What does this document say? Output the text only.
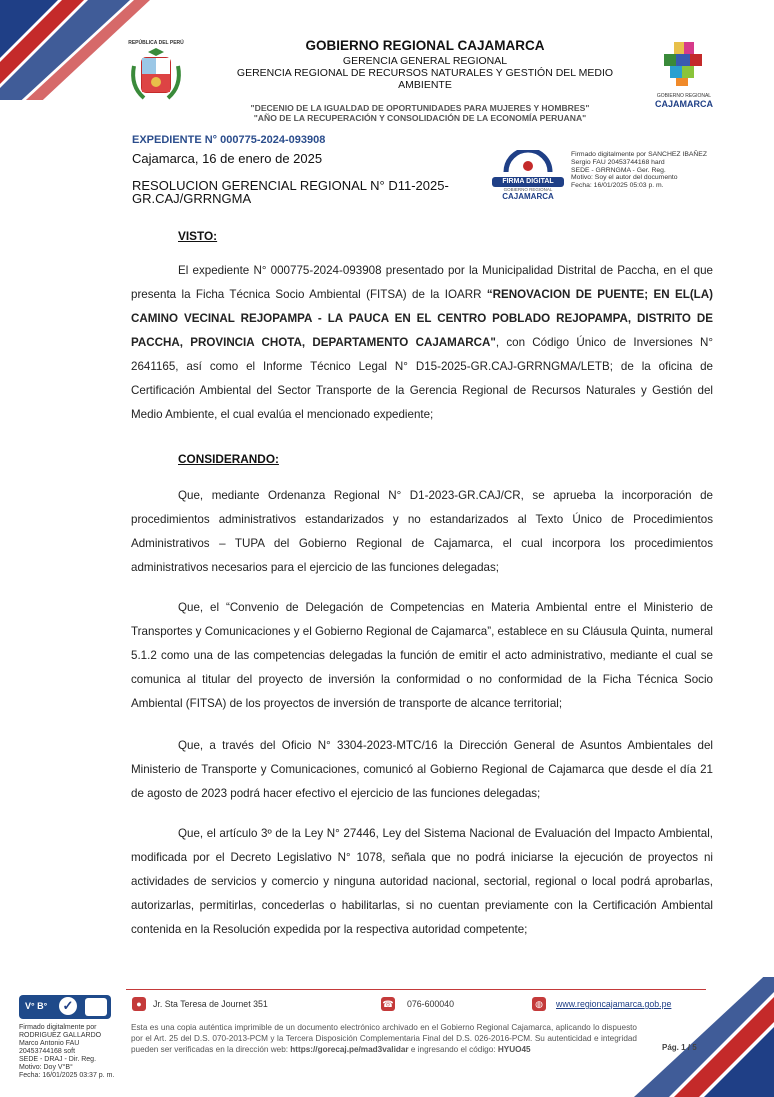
REPÚBLICA DEL PERÚ	GOBIERNO REGIONAL CAJAMARCA
GERENCIA GENERAL REGIONAL
GERENCIA REGIONAL DE RECURSOS NATURALES Y GESTIÓN DEL MEDIO AMBIENTE
GOBIERNO REGIONAL
CAJAMARCA
"DECENIO DE LA IGUALDAD DE OPORTUNIDADES PARA MUJERES Y HOMBRES"
"AÑO DE LA RECUPERACIÓN Y CONSOLIDACIÓN DE LA ECONOMÍA PERUANA"
EXPEDIENTE N° 000775-2024-093908
Cajamarca, 16 de enero de 2025
RESOLUCION GERENCIAL REGIONAL N° D11-2025-GR.CAJ/GRRNGMA
FIRMA DIGITAL
GOBIERNO REGIONAL
CAJAMARCA
Firmado digitalmente por SANCHEZ IBAÑEZ
Sergio FAU 20453744168 hard
SEDE - GRRNGMA - Ger. Reg.
Motivo: Soy el autor del documento
Fecha: 16/01/2025 05:03 p. m.
VISTO:

El expediente N° 000775-2024-093908 presentado por la Municipalidad Distrital de Paccha, en el que presenta la Ficha Técnica Socio Ambiental (FITSA) de la IOARR “RENOVACION DE PUENTE; EN EL(LA) CAMINO VECINAL REJOPAMPA - LA PAUCA EN EL CENTRO POBLADO REJOPAMPA, DISTRITO DE PACCHA, PROVINCIA CHOTA, DEPARTAMENTO CAJAMARCA", con Código Único de Inversiones N° 2641165, así como el Informe Técnico Legal N° D15-2025-GR.CAJ-GRRNGMA/LETB; de la oficina de Certificación Ambiental del Sector Transporte de la Gerencia Regional de Recursos Naturales y Gestión del Medio Ambiente, el cual evalúa el mencionado expediente;

CONSIDERANDO:

Que, mediante Ordenanza Regional N° D1-2023-GR.CAJ/CR, se aprueba la incorporación de procedimientos administrativos estandarizados y no estandarizados al Texto Único de Procedimientos Administrativos – TUPA del Gobierno Regional de Cajamarca, el cual incorpora los procedimientos administrativos necesarios para el ejercicio de las funciones delegadas;

Que, el “Convenio de Delegación de Competencias en Materia Ambiental entre el Ministerio de Transportes y Comunicaciones y el Gobierno Regional de Cajamarca”, establece en su Cláusula Quinta, numeral 5.1.2 como una de las competencias delegadas la función de emitir el acto administrativo, mediante el cual se comunica al titular del proyecto de inversión la conformidad o no conformidad de la Ficha Técnica Socio Ambiental (FITSA) de los proyectos de inversión de transporte de alcance territorial;

Que, a través del Oficio N° 3304-2023-MTC/16 la Dirección General de Asuntos Ambientales del Ministerio de Transporte y Comunicaciones, comunicó al Gobierno Regional de Cajamarca que desde el día 21 de agosto de 2023 podrá hacer efectivo el ejercicio de las funciones delegadas;

Que, el artículo 3º de la Ley N° 27446, Ley del Sistema Nacional de Evaluación del Impacto Ambiental, modificada por el Decreto Legislativo N° 1078, señala que no podrá iniciarse la ejecución de proyectos ni actividades de servicios y comercio y ninguna autoridad nacional, sectorial, regional o local podrá aprobarlas, autorizarlas, permitirlas, concederlas o habilitarlas, si no cuentan previamente con la Certificación Ambiental contenida en la Resolución expedida por la respectiva autoridad competente;

●	Jr. Sta Teresa de Journet 351	☎ 076-600040	◍	www.regioncajamarca.gob.pe
Esta es una copia auténtica imprimible de un documento electrónico archivado en el Gobierno Regional Cajamarca, aplicando lo dispuesto por el Art. 25 del D.S. 070-2013-PCM y la Tercera Disposición Complementaria Final del D.S. 026-2016-PCM. Su autenticidad e integridad pueden ser verificadas en la dirección web: https://gorecaj.pe/mad3validar e ingresando el código: HYUO45	Pág. 1 / 5
V° B° ✓
Firmado digitalmente por
RODRIGUEZ GALLARDO
Marco Antonio FAU
20453744168 soft
SEDE - DRAJ - Dir. Reg.
Motivo: Doy V°B°
Fecha: 16/01/2025 03:37 p. m.
